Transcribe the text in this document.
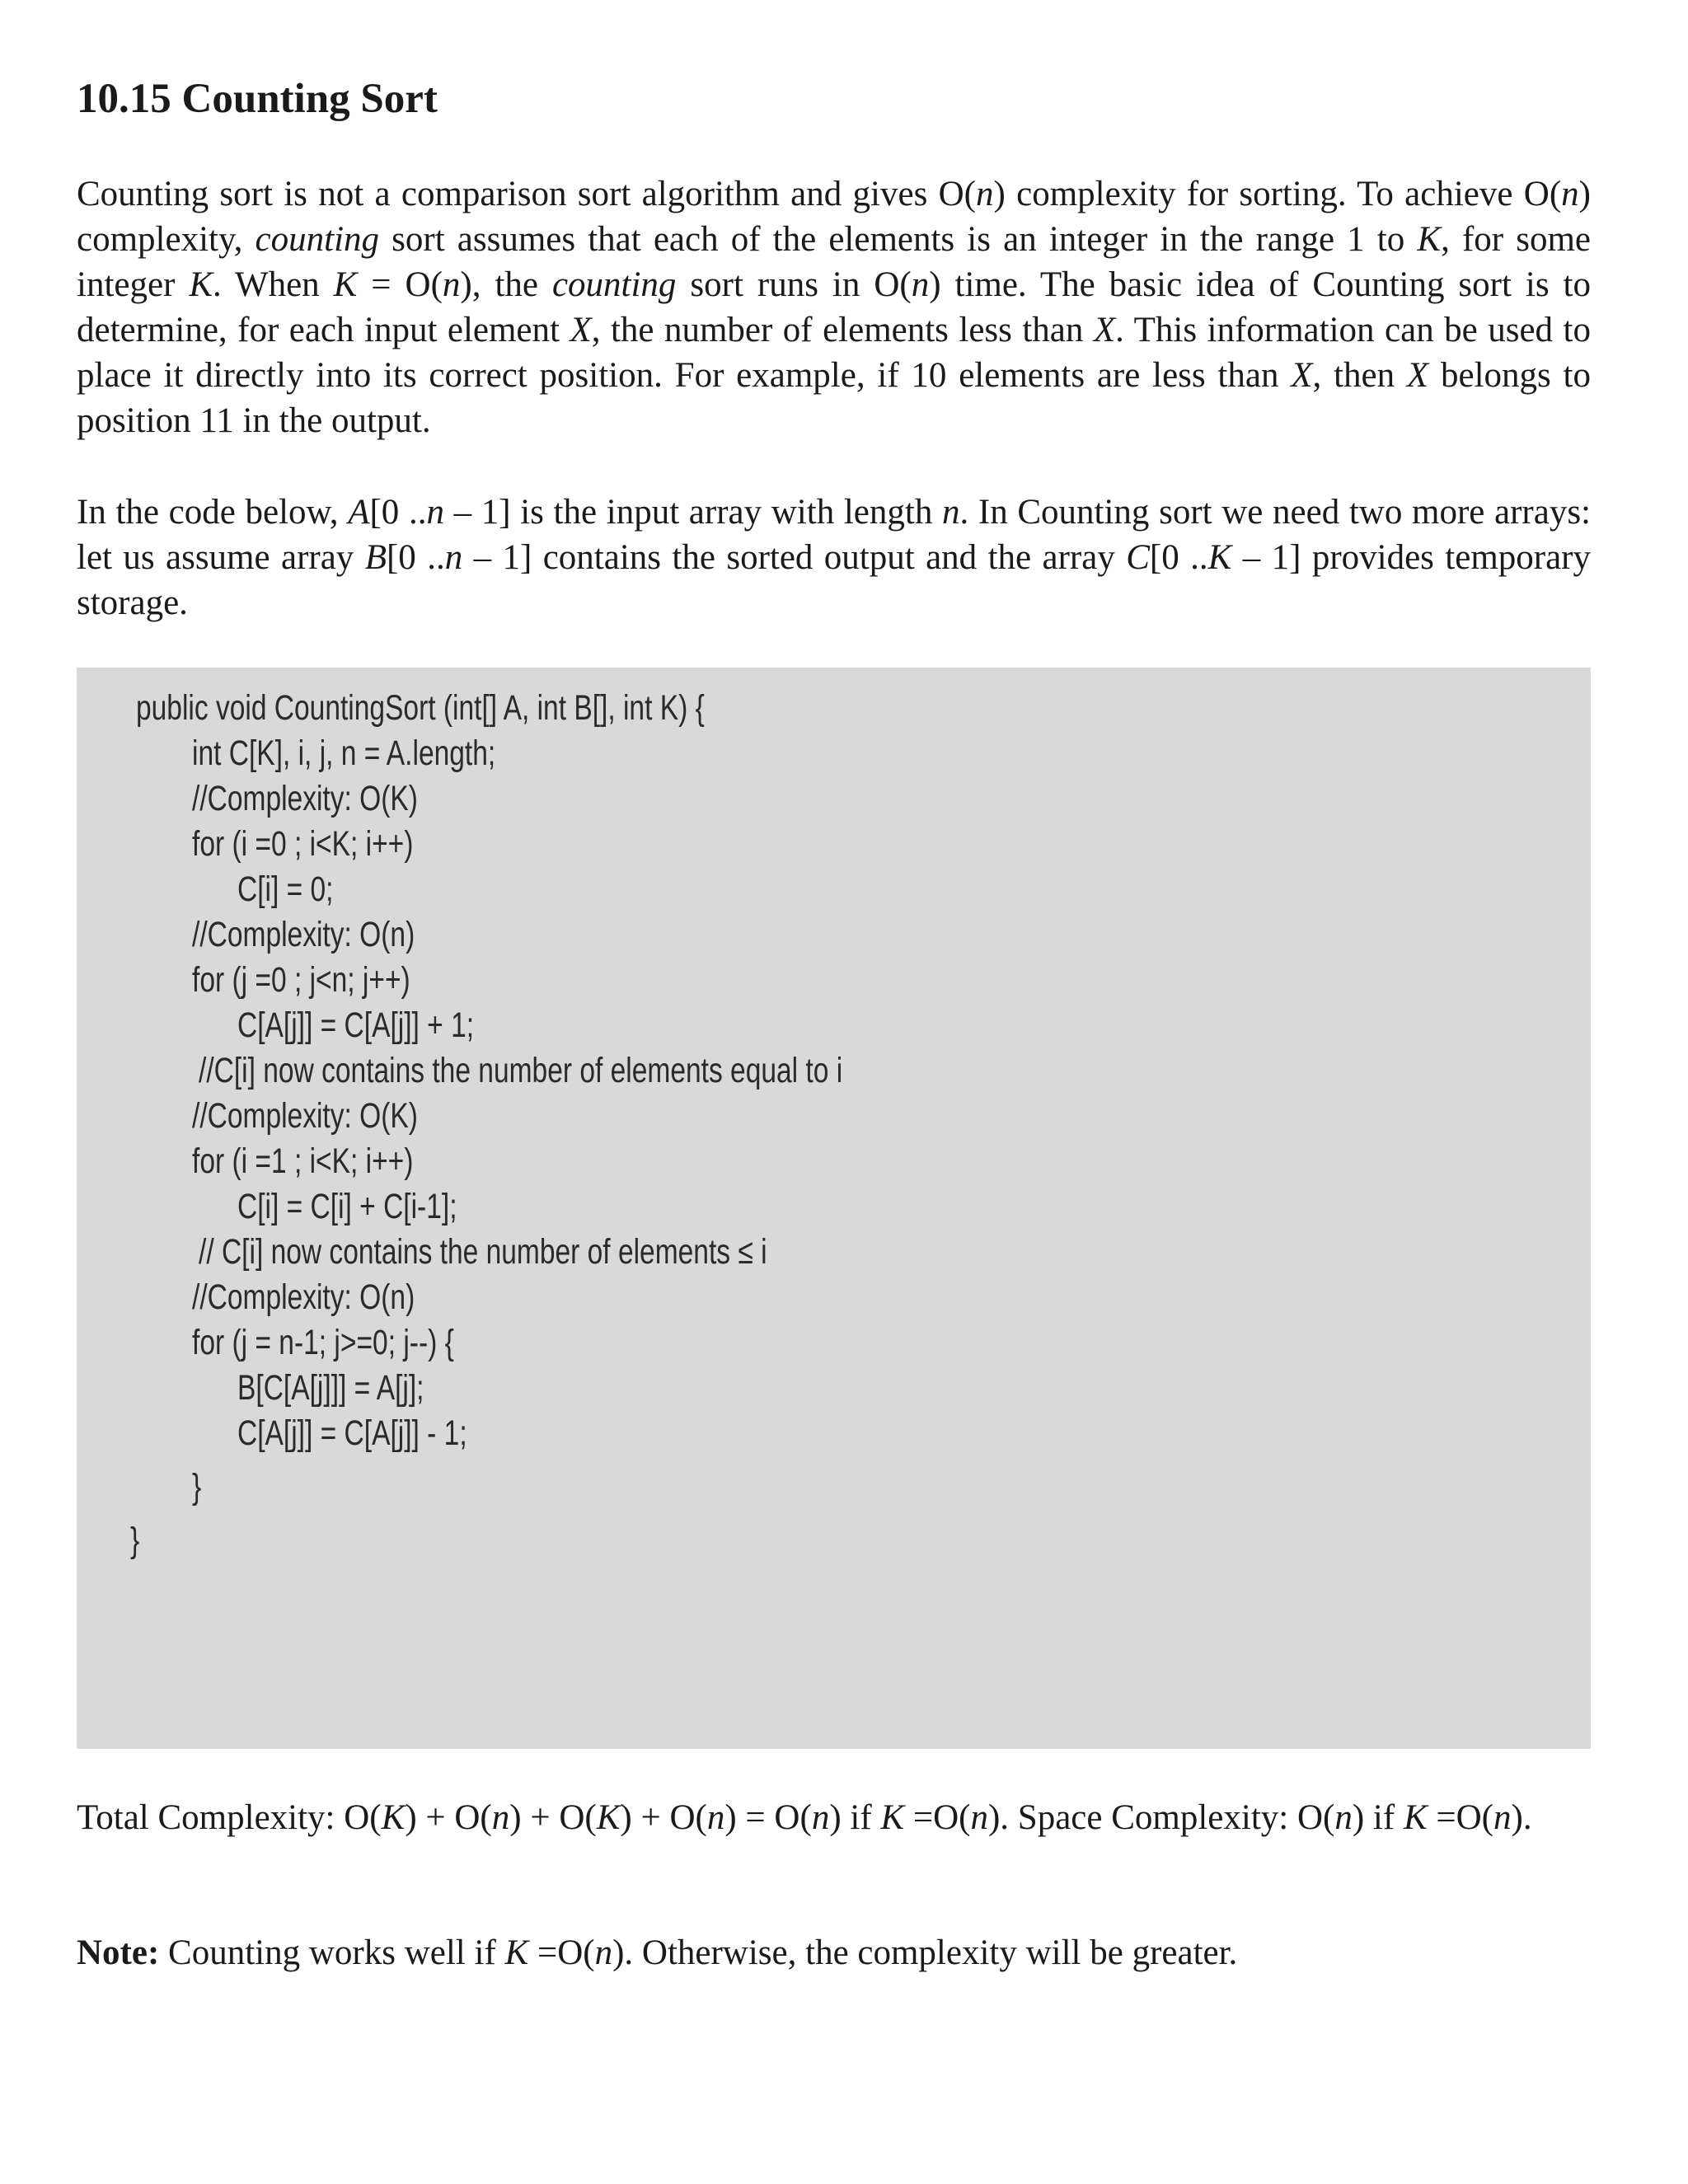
10.15 Counting Sort

Counting sort is not a comparison sort algorithm and gives O(n) complexity for sorting. To achieve O(n) complexity, counting sort assumes that each of the elements is an integer in the range 1 to K, for some integer K. When K = O(n), the counting sort runs in O(n) time. The basic idea of Counting sort is to determine, for each input element X, the number of elements less than X. This information can be used to place it directly into its correct position. For example, if 10 elements are less than X, then X belongs to position 11 in the output.

In the code below, A[0 ..n – 1] is the input array with length n. In Counting sort we need two more arrays: let us assume array B[0 ..n – 1] contains the sorted output and the array C[0 ..K – 1] provides temporary storage.

public void CountingSort (int[] A, int B[], int K) {
int C[K], i, j, n = A.length;
//Complexity: O(K)
for (i =0 ; i<K; i++)
C[i] = 0;
//Complexity: O(n)
for (j =0 ; j<n; j++)
C[A[j]] = C[A[j]] + 1;
//C[i] now contains the number of elements equal to i
//Complexity: O(K)
for (i =1 ; i<K; i++)
C[i] = C[i] + C[i-1];
// C[i] now contains the number of elements ≤ i
//Complexity: O(n)
for (j = n-1; j>=0; j--) {
B[C[A[j]]] = A[j];
C[A[j]] = C[A[j]] - 1;
}
}

Total Complexity: O(K) + O(n) + O(K) + O(n) = O(n) if K =O(n). Space Complexity: O(n) if K =O(n).

Note: Counting works well if K =O(n). Otherwise, the complexity will be greater.
